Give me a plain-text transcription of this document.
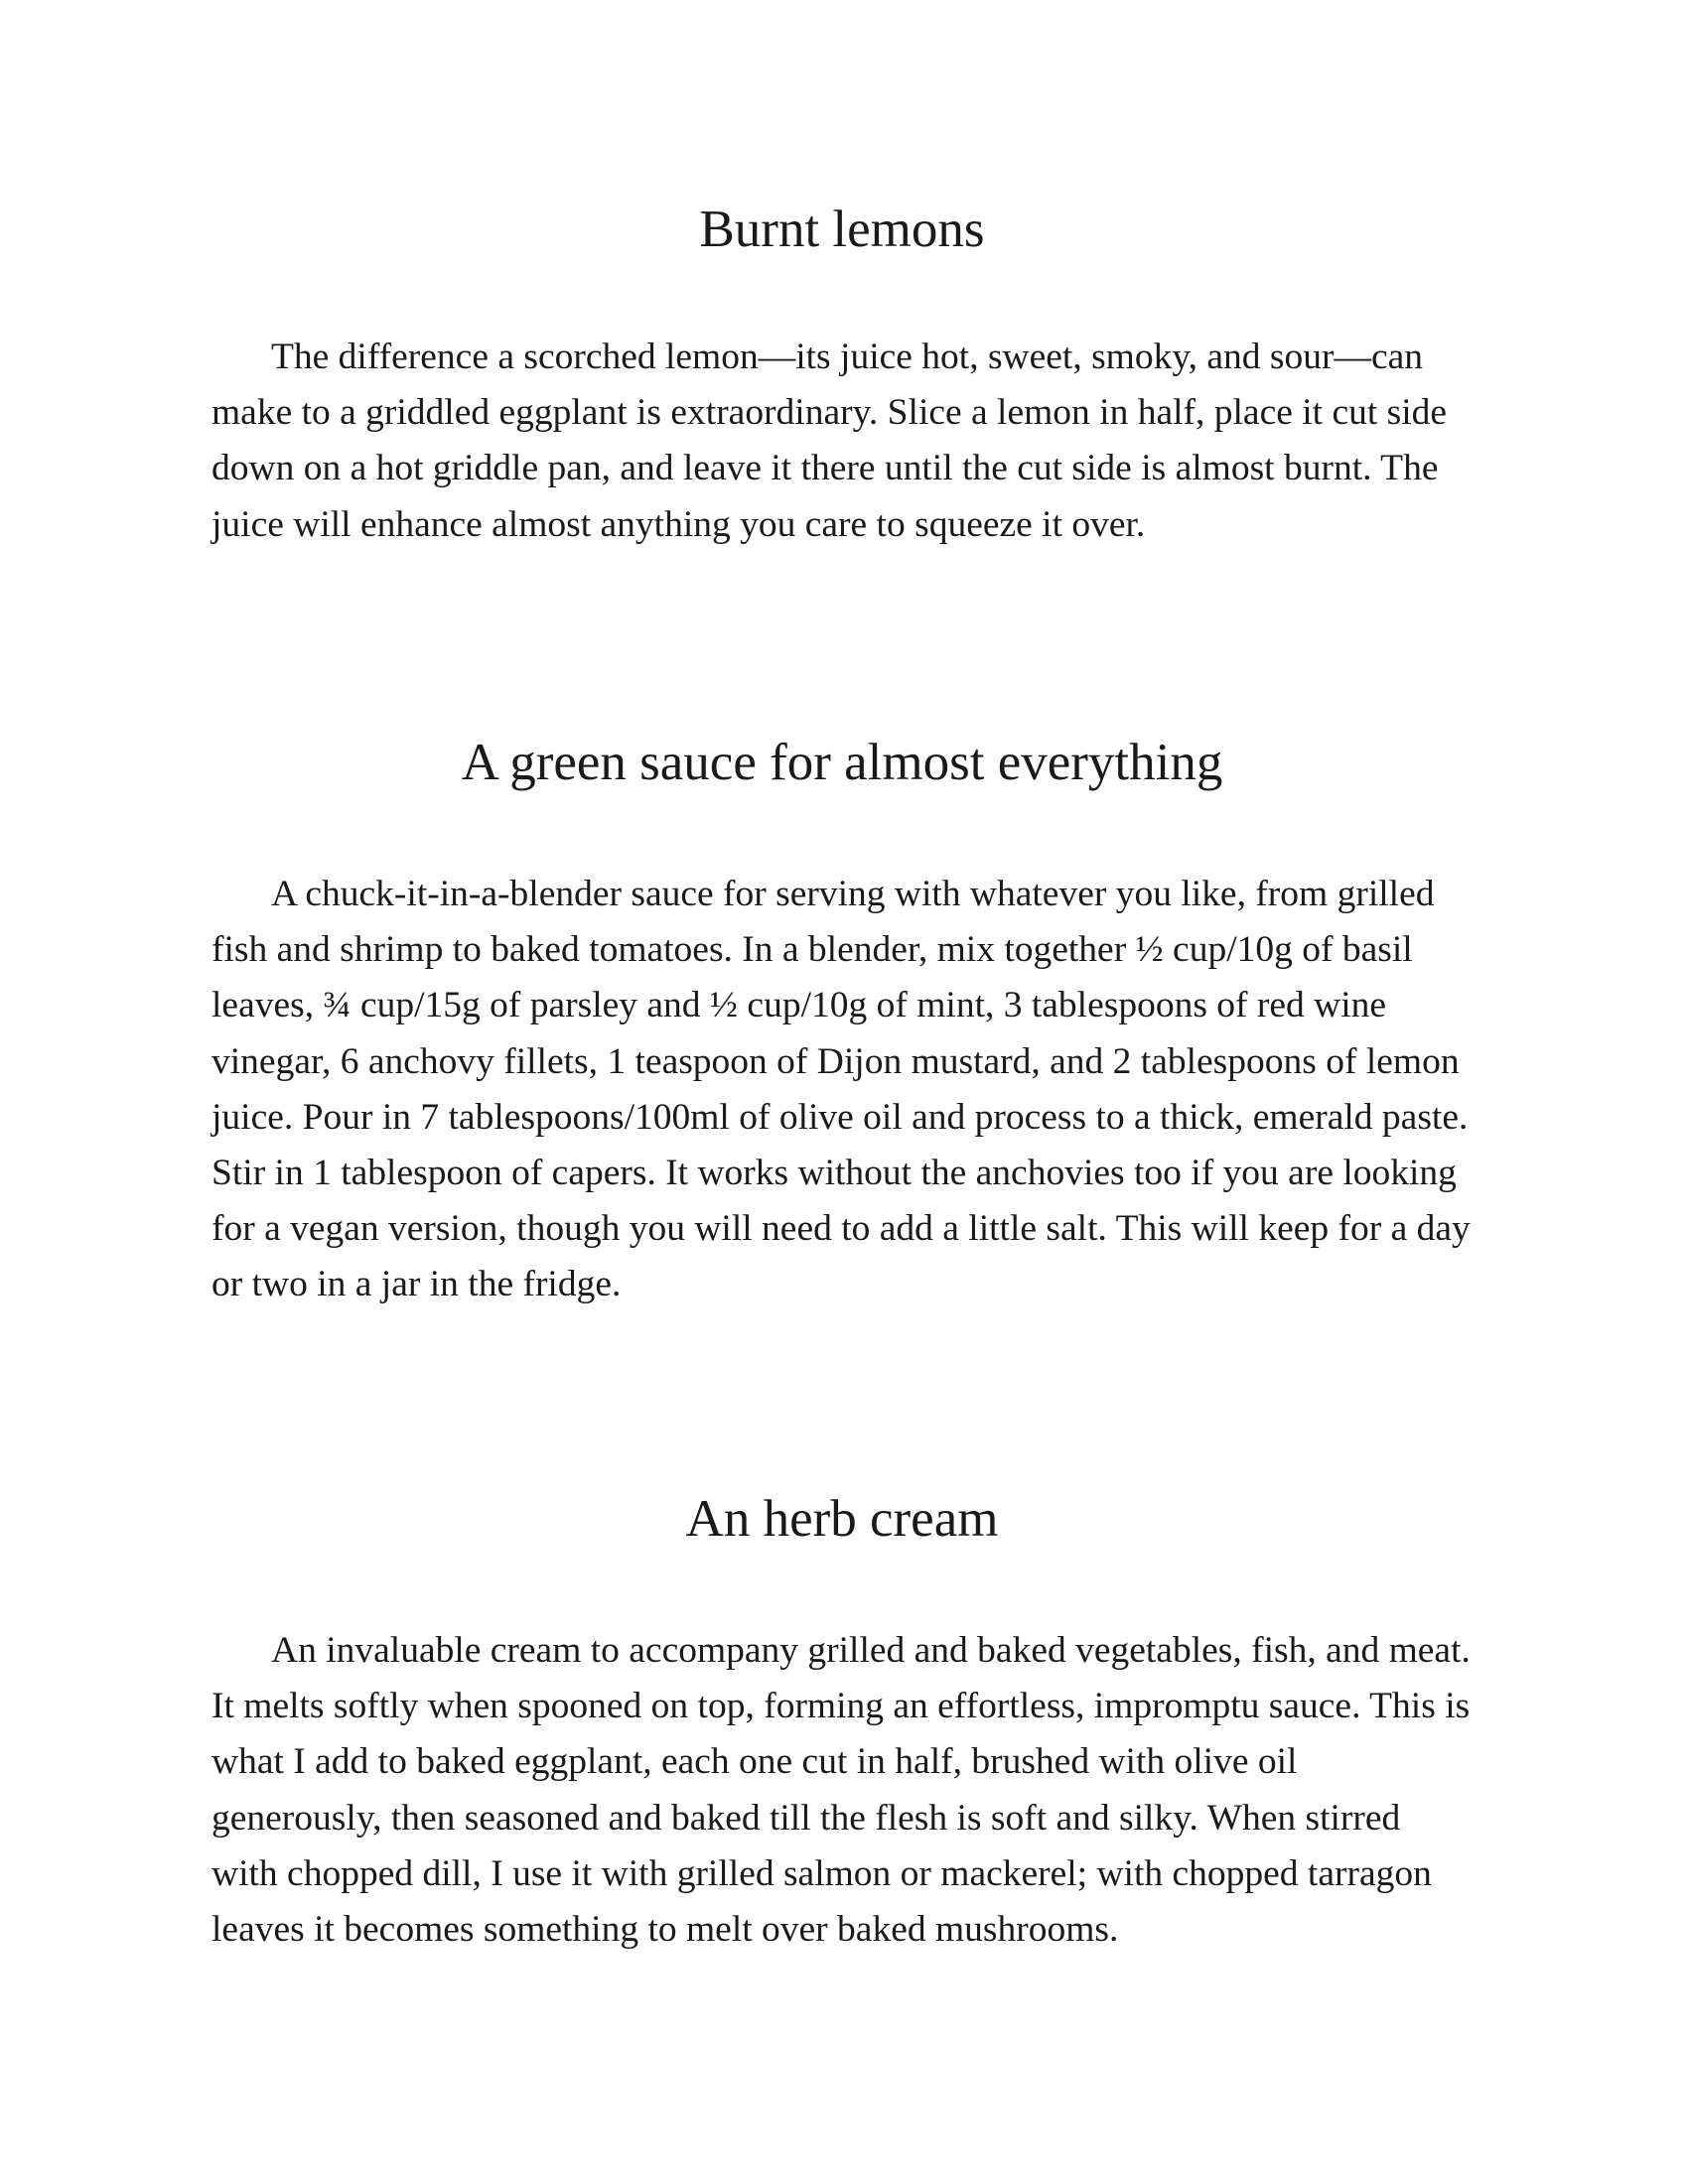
Burnt lemons

The difference a scorched lemon—its juice hot, sweet, smoky, and sour—can make to a griddled eggplant is extraordinary. Slice a lemon in half, place it cut side down on a hot griddle pan, and leave it there until the cut side is almost burnt. The juice will enhance almost anything you care to squeeze it over.

A green sauce for almost everything

A chuck-it-in-a-blender sauce for serving with whatever you like, from grilled fish and shrimp to baked tomatoes. In a blender, mix together ½ cup/10g of basil leaves, ¾ cup/15g of parsley and ½ cup/10g of mint, 3 tablespoons of red wine vinegar, 6 anchovy fillets, 1 teaspoon of Dijon mustard, and 2 tablespoons of lemon juice. Pour in 7 tablespoons/100ml of olive oil and process to a thick, emerald paste. Stir in 1 tablespoon of capers. It works without the anchovies too if you are looking for a vegan version, though you will need to add a little salt. This will keep for a day or two in a jar in the fridge.

An herb cream

An invaluable cream to accompany grilled and baked vegetables, fish, and meat. It melts softly when spooned on top, forming an effortless, impromptu sauce. This is what I add to baked eggplant, each one cut in half, brushed with olive oil generously, then seasoned and baked till the flesh is soft and silky. When stirred with chopped dill, I use it with grilled salmon or mackerel; with chopped tarragon leaves it becomes something to melt over baked mushrooms.
